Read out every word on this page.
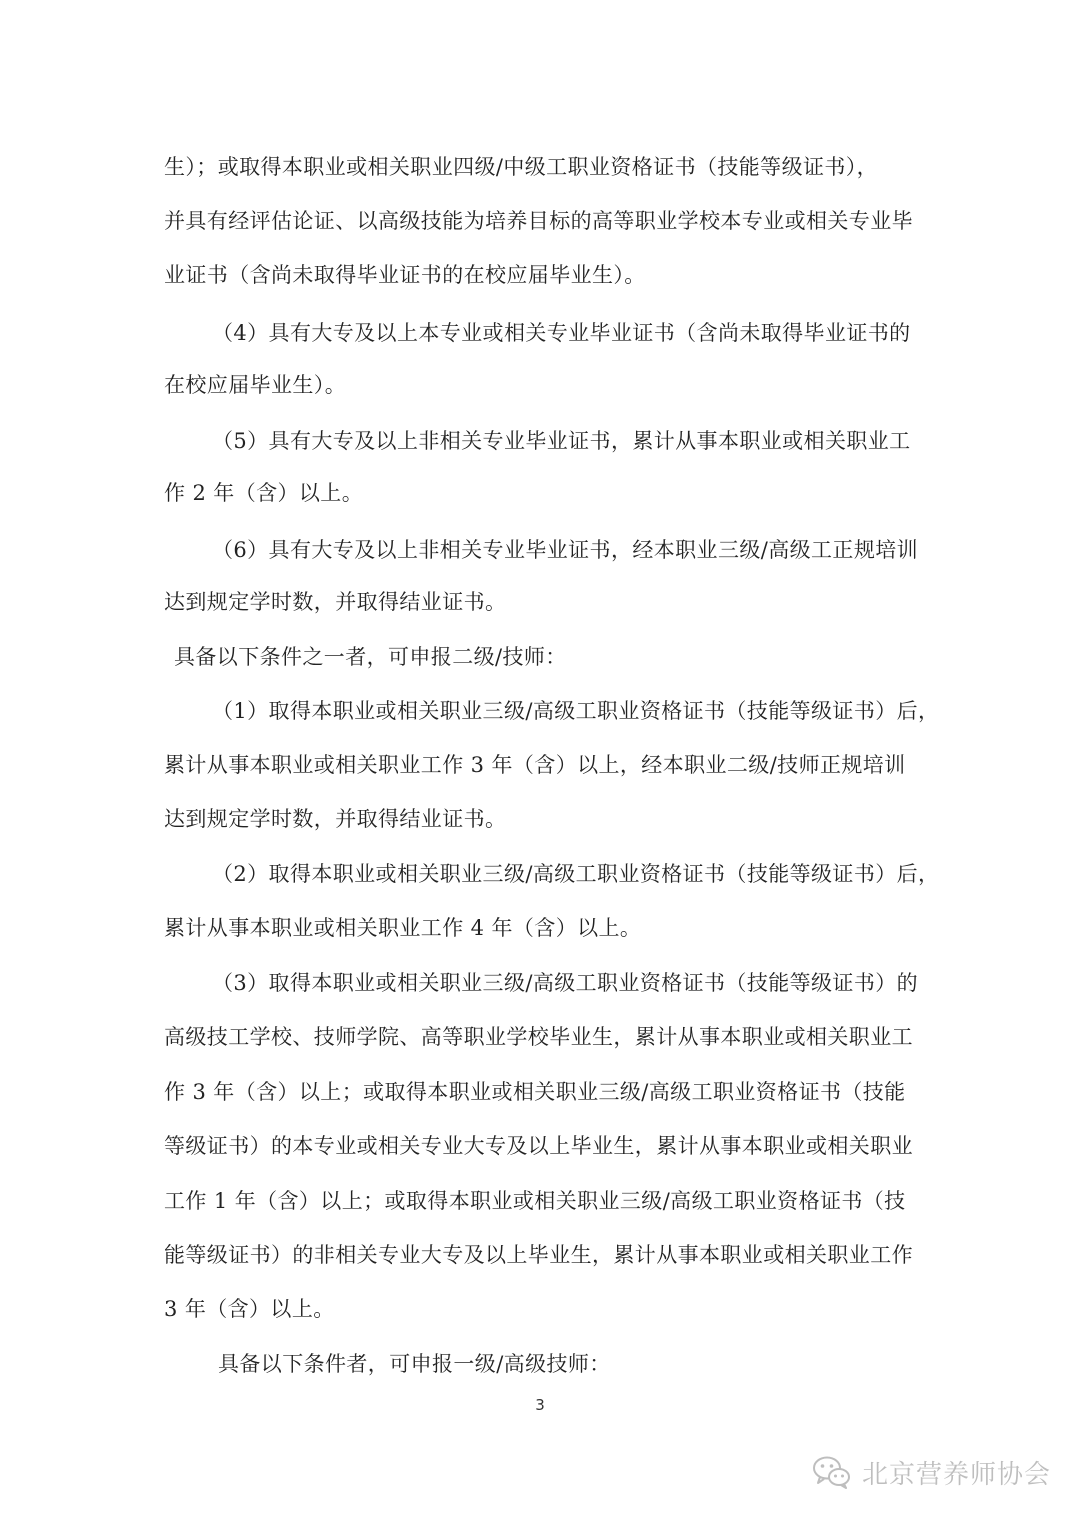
生）；或取得本职业或相关职业四级/中级工职业资格证书（技能等级证书），
并具有经评估论证、以高级技能为培养目标的高等职业学校本专业或相关专业毕
业证书（含尚未取得毕业证书的在校应届毕业生）。
（4）具有大专及以上本专业或相关专业毕业证书（含尚未取得毕业证书的
在校应届毕业生）。
（5）具有大专及以上非相关专业毕业证书，累计从事本职业或相关职业工
作 2 年（含）以上。
（6）具有大专及以上非相关专业毕业证书，经本职业三级/高级工正规培训
达到规定学时数，并取得结业证书。
具备以下条件之一者，可申报二级/技师：
（1）取得本职业或相关职业三级/高级工职业资格证书（技能等级证书）后，
累计从事本职业或相关职业工作 3 年（含）以上，经本职业二级/技师正规培训
达到规定学时数，并取得结业证书。
（2）取得本职业或相关职业三级/高级工职业资格证书（技能等级证书）后，
累计从事本职业或相关职业工作 4 年（含）以上。
（3）取得本职业或相关职业三级/高级工职业资格证书（技能等级证书）的
高级技工学校、技师学院、高等职业学校毕业生，累计从事本职业或相关职业工
作 3 年（含）以上；或取得本职业或相关职业三级/高级工职业资格证书（技能
等级证书）的本专业或相关专业大专及以上毕业生，累计从事本职业或相关职业
工作 1 年（含）以上；或取得本职业或相关职业三级/高级工职业资格证书（技
能等级证书）的非相关专业大专及以上毕业生，累计从事本职业或相关职业工作
3 年（含）以上。
具备以下条件者，可申报一级/高级技师：
3
北京营养师协会
